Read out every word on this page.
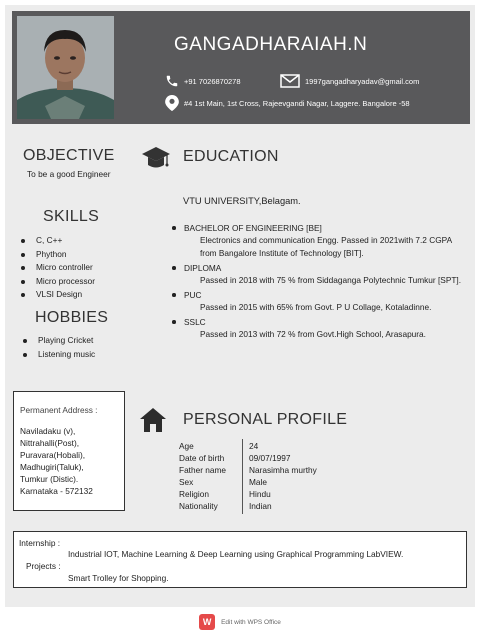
GANGADHARAIAH.N
+91 7026870278	1997gangadharyadav@gmail.com
#4 1st Main, 1st Cross, Rajeevgandi Nagar, Laggere. Bangalore -58
OBJECTIVE
To be a good Engineer
EDUCATION
VTU UNIVERSITY,Belagam.
BACHELOR OF ENGINEERING [BE]
Electronics and communication Engg. Passed in 2021with 7.2 CGPA from Bangalore Institute of Technology [BIT].
DIPLOMA
Passed in 2018 with 75 % from Siddaganga Polytechnic Tumkur [SPT].
PUC
Passed in 2015 with 65% from Govt. P U Collage, Kotaladinne.
SSLC
Passed in 2013 with 72 % from Govt.High School, Arasapura.
SKILLS
C, C++
Phython
Micro controller
Micro processor
VLSI Design
HOBBIES
Playing Cricket
Listening music
Permanent Address :
Naviladaku (v),
Nittrahalli(Post),
Puravara(Hobali),
Madhugiri(Taluk),
Tumkur (Distic).
Karnataka - 572132
PERSONAL PROFILE
Age	24
Date of birth	09/07/1997
Father name	Narasimha murthy
Sex	Male
Religion	Hindu
Nationality	Indian
Internship :
Industrial IOT, Machine Learning & Deep Learning using Graphical Programming LabVIEW.
Projects :
Smart Trolley for Shopping.
W Edit with WPS Office
